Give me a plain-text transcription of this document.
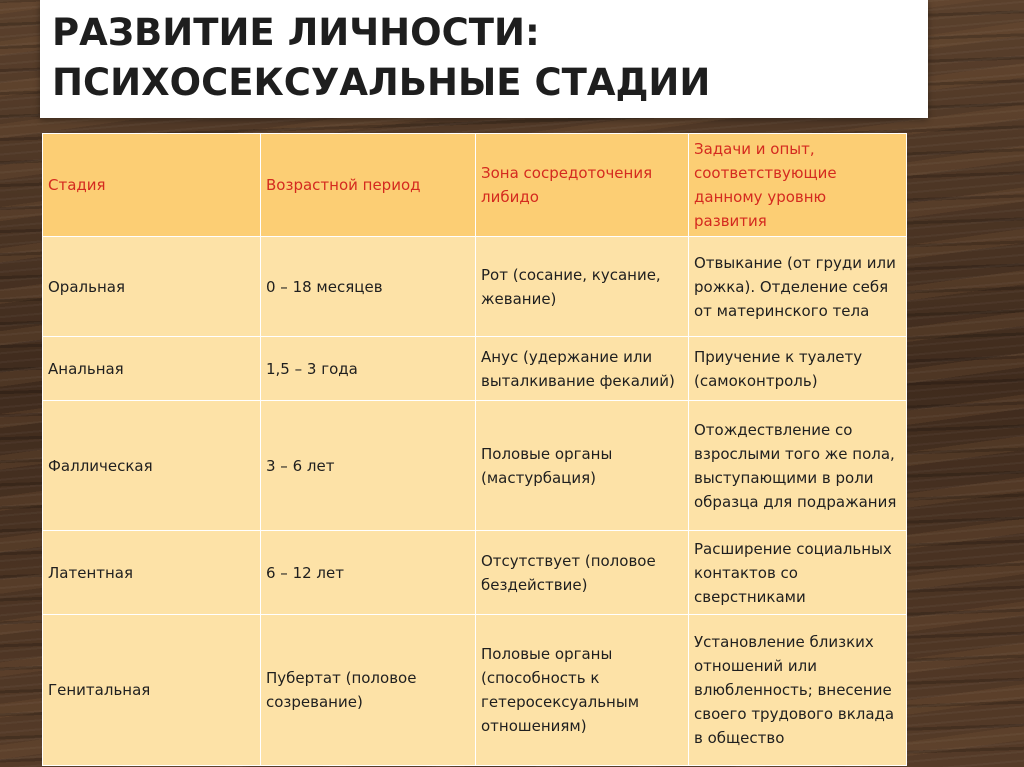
РАЗВИТИЕ ЛИЧНОСТИ:
ПСИХОСЕКСУАЛЬНЫЕ СТАДИИ
Стадия	Возрастной период	Зона сосредоточения либидо	Задачи и опыт, соответствующие данному уровню развития
Оральная	0 – 18 месяцев	Рот (сосание, кусание, жевание)	Отвыкание (от груди или рожка). Отделение себя от материнского тела
Анальная	1,5 – 3 года	Анус (удержание или выталкивание фекалий)	Приучение к туалету (самоконтроль)
Фаллическая	3 – 6 лет	Половые органы (мастурбация)	Отождествление со взрослыми того же пола, выступающими в роли образца для подражания
Латентная	6 – 12 лет	Отсутствует (половое бездействие)	Расширение социальных контактов со сверстниками
Генитальная	Пубертат (половое созревание)	Половые органы (способность к гетеросексуальным отношениям)	Установление близких отношений или влюбленность; внесение своего трудового вклада в общество
